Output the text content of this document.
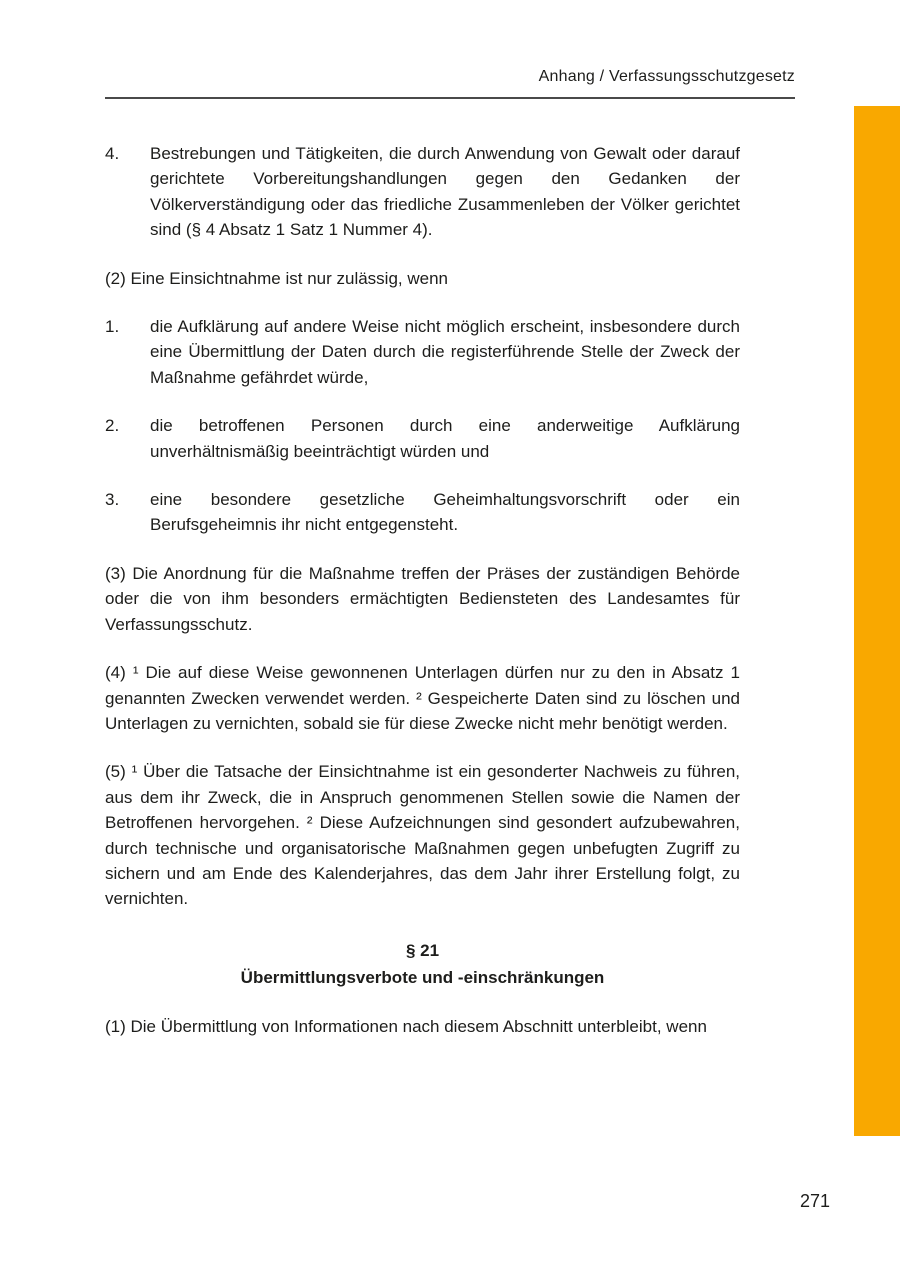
Anhang / Verfassungsschutzgesetz
4.	Bestrebungen und Tätigkeiten, die durch Anwendung von Gewalt oder darauf gerichtete Vorbereitungshandlungen gegen den Gedanken der Völkerverständigung oder das friedliche Zusammenleben der Völker gerichtet sind (§ 4 Absatz 1 Satz 1 Nummer 4).

(2) Eine Einsichtnahme ist nur zulässig, wenn

1.	die Aufklärung auf andere Weise nicht möglich erscheint, insbesondere durch eine Übermittlung der Daten durch die registerführende Stelle der Zweck der Maßnahme gefährdet würde,
2.	die betroffenen Personen durch eine anderweitige Aufklärung unverhältnismäßig beeinträchtigt würden und
3.	eine besondere gesetzliche Geheimhaltungsvorschrift oder ein Berufsgeheimnis ihr nicht entgegensteht.

(3) Die Anordnung für die Maßnahme treffen der Präses der zuständigen Behörde oder die von ihm besonders ermächtigten Bediensteten des Landesamtes für Verfassungsschutz.

(4) ¹ Die auf diese Weise gewonnenen Unterlagen dürfen nur zu den in Absatz 1 genannten Zwecken verwendet werden. ² Gespeicherte Daten sind zu löschen und Unterlagen zu vernichten, sobald sie für diese Zwecke nicht mehr benötigt werden.

(5) ¹ Über die Tatsache der Einsichtnahme ist ein gesonderter Nachweis zu führen, aus dem ihr Zweck, die in Anspruch genommenen Stellen sowie die Namen der Betroffenen hervorgehen. ² Diese Aufzeichnungen sind gesondert aufzubewahren, durch technische und organisatorische Maßnahmen gegen unbefugten Zugriff zu sichern und am Ende des Kalenderjahres, das dem Jahr ihrer Erstellung folgt, zu vernichten.

§ 21
Übermittlungsverbote und -einschränkungen

(1) Die Übermittlung von Informationen nach diesem Abschnitt unterbleibt, wenn

271
